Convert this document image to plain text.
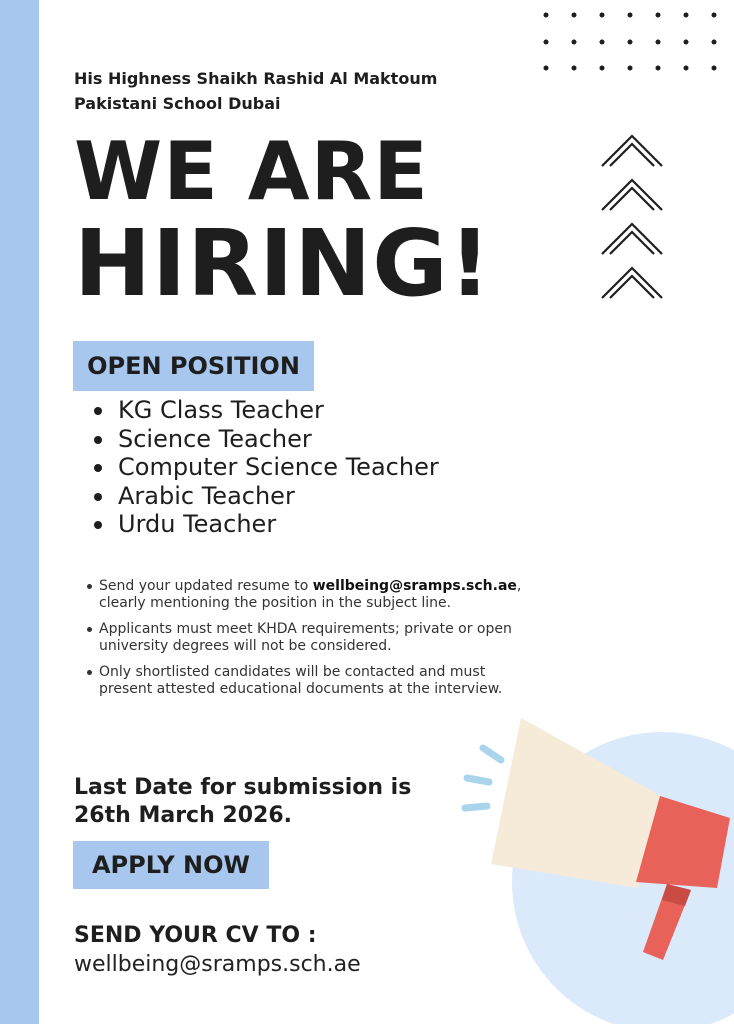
His Highness Shaikh Rashid Al Maktoum
Pakistani School Dubai
WE ARE
HIRING!
OPEN POSITION
KG Class Teacher
Science Teacher
Computer Science Teacher
Arabic Teacher
Urdu Teacher
Send your updated resume to wellbeing@sramps.sch.ae, clearly mentioning the position in the subject line.
Applicants must meet KHDA requirements; private or open university degrees will not be considered.
Only shortlisted candidates will be contacted and must present attested educational documents at the interview.
Last Date for submission is
26th March 2026.
APPLY NOW
SEND YOUR CV TO :
wellbeing@sramps.sch.ae
